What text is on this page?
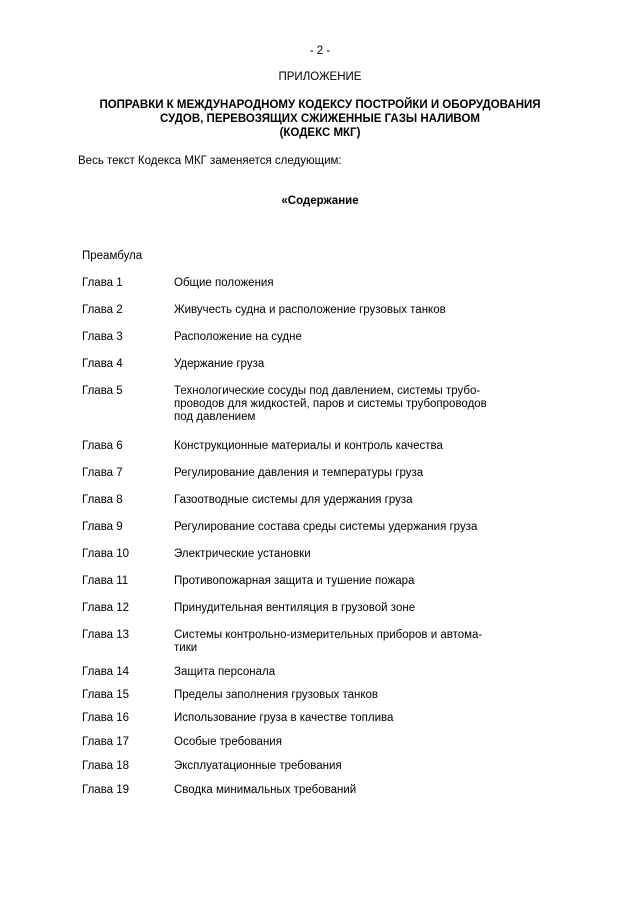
- 2 -
ПРИЛОЖЕНИЕ
ПОПРАВКИ К МЕЖДУНАРОДНОМУ КОДЕКСУ ПОСТРОЙКИ И ОБОРУДОВАНИЯ
СУДОВ, ПЕРЕВОЗЯЩИХ СЖИЖЕННЫЕ ГАЗЫ НАЛИВОМ
(КОДЕКС МКГ)
Весь текст Кодекса МКГ заменяется следующим:
«Содержание
Преамбула
Глава 1	Общие положения
Глава 2	Живучесть судна и расположение грузовых танков
Глава 3	Расположение на судне
Глава 4	Удержание груза
Глава 5	Технологические сосуды под давлением, системы трубо-
проводов для жидкостей, паров и системы трубопроводов
под давлением
Глава 6	Конструкционные материалы и контроль качества
Глава 7	Регулирование давления и температуры груза
Глава 8	Газоотводные системы для удержания груза
Глава 9	Регулирование состава среды системы удержания груза
Глава 10	Электрические установки
Глава 11	Противопожарная защита и тушение пожара
Глава 12	Принудительная вентиляция в грузовой зоне
Глава 13	Системы контрольно-измерительных приборов и автома-
тики
Глава 14	Защита персонала
Глава 15	Пределы заполнения грузовых танков
Глава 16	Использование груза в качестве топлива
Глава 17	Особые требования
Глава 18	Эксплуатационные требования
Глава 19	Сводка минимальных требований
